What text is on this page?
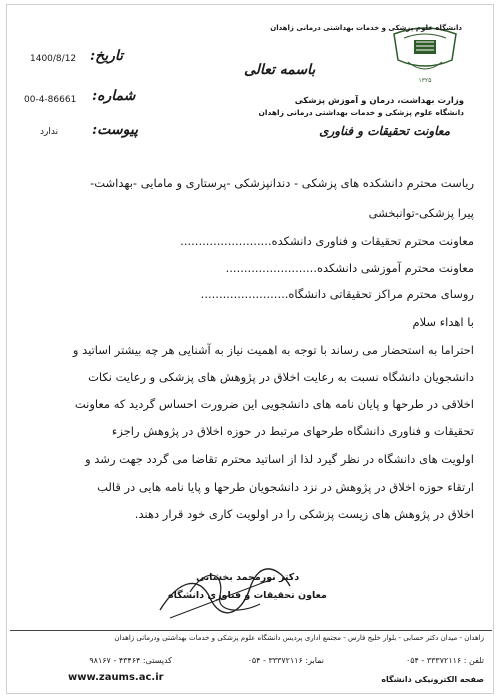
۱۳۲۵
دانشگاه علوم پزشکی و خدمات بهداشتی درمانی زاهدان
وزارت بهداشت، درمان و آموزش پزشکی
دانشگاه علوم پزشکی و خدمات بهداشتی درمانی زاهدان
معاونت تحقیقات و فناوری
باسمه تعالی
تاریخ:
1400/8/12
شماره:
00-4-86661
پیوست:
ندارد
ریاست محترم دانشکده های پزشکی - دندانپزشکی -پرستاری و مامایی -بهداشت-
پیرا پزشکی-توانبخشی
معاونت محترم تحقیقات و فناوری دانشکده.........................
معاونت محترم آموزشی دانشکده.........................
روسای محترم مراکز تحقیقاتی دانشگاه........................
با اهداء سلام
احتراما به استحضار می رساند با توجه به اهمیت نیاز به آشنایی هر چه بیشتر اساتید و
دانشجویان دانشگاه نسبت به رعایت اخلاق در پژوهش های پزشکی و رعایت نکات
اخلاقی در طرحها و پایان نامه های دانشجویی این ضرورت احساس گردید که معاونت
تحقیقات و فناوری دانشگاه طرحهای مرتبط در حوزه اخلاق در پژوهش راجزء
اولویت های دانشگاه در نظر گیرد لذا از اساتید محترم تقاضا می گردد جهت رشد و
ارتقاء حوزه اخلاق در پژوهش در نزد دانشجویان طرحها و پایا نامه هایی در قالب
اخلاق در پژوهش های زیست پزشکی را در اولویت کاری خود قرار دهند.
دکتر نورمحمد بخشانی
معاون تحقیقات و فناوری دانشگاه
زاهدان - میدان دکتر حسابی - بلوار خلیج فارس - مجتمع اداری پردیس دانشگاه علوم پزشکی و خدمات بهداشتی ودرمانی زاهدان
تلفن : ۳۳۳۷۲۱۱۶ - ۰۵۴
نمابر: ۳۳۳۷۲۱۱۶ - ۰۵۴
کدپستی: ۴۳۴۶۴ - ۹۸۱۶۷
صفحه الکترونیکی دانشگاه
www.zaums.ac.ir
